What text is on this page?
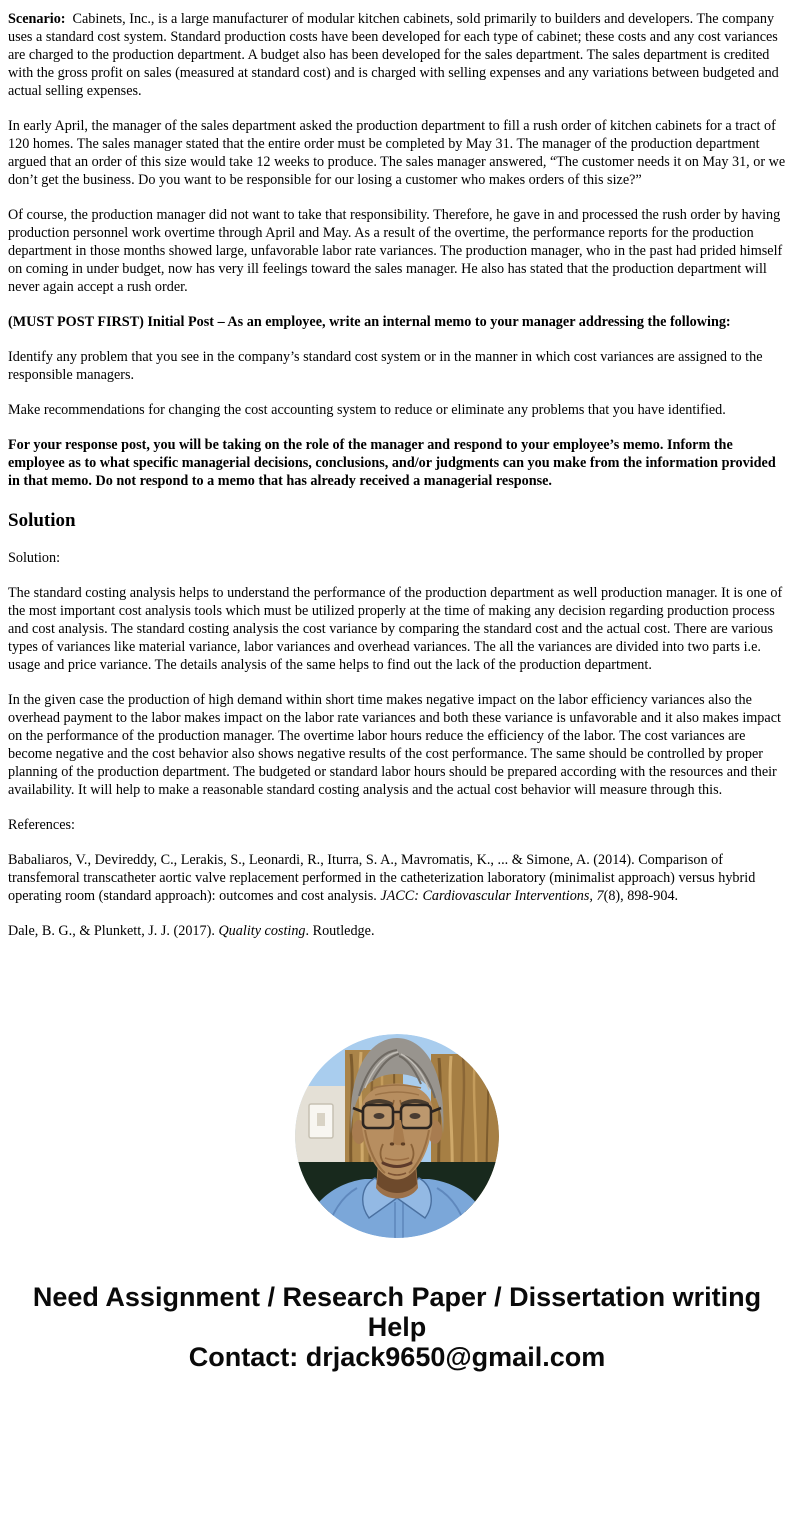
Scenario: Cabinets, Inc., is a large manufacturer of modular kitchen cabinets, sold primarily to builders and developers. The company uses a standard cost system. Standard production costs have been developed for each type of cabinet; these costs and any cost variances are charged to the production department. A budget also has been developed for the sales department. The sales department is credited with the gross profit on sales (measured at standard cost) and is charged with selling expenses and any variations between budgeted and actual selling expenses.

In early April, the manager of the sales department asked the production department to fill a rush order of kitchen cabinets for a tract of 120 homes. The sales manager stated that the entire order must be completed by May 31. The manager of the production department argued that an order of this size would take 12 weeks to produce. The sales manager answered, “The customer needs it on May 31, or we don’t get the business. Do you want to be responsible for our losing a customer who makes orders of this size?”

Of course, the production manager did not want to take that responsibility. Therefore, he gave in and processed the rush order by having production personnel work overtime through April and May. As a result of the overtime, the performance reports for the production department in those months showed large, unfavorable labor rate variances. The production manager, who in the past had prided himself on coming in under budget, now has very ill feelings toward the sales manager. He also has stated that the production department will never again accept a rush order.

(MUST POST FIRST) Initial Post – As an employee, write an internal memo to your manager addressing the following:

Identify any problem that you see in the company’s standard cost system or in the manner in which cost variances are assigned to the responsible managers.

Make recommendations for changing the cost accounting system to reduce or eliminate any problems that you have identified.

For your response post, you will be taking on the role of the manager and respond to your employee’s memo. Inform the employee as to what specific managerial decisions, conclusions, and/or judgments can you make from the information provided in that memo. Do not respond to a memo that has already received a managerial response.

Solution

Solution:

The standard costing analysis helps to understand the performance of the production department as well production manager. It is one of the most important cost analysis tools which must be utilized properly at the time of making any decision regarding production process and cost analysis. The standard costing analysis the cost variance by comparing the standard cost and the actual cost. There are various types of variances like material variance, labor variances and overhead variances. The all the variances are divided into two parts i.e. usage and price variance. The details analysis of the same helps to find out the lack of the production department.

In the given case the production of high demand within short time makes negative impact on the labor efficiency variances also the overhead payment to the labor makes impact on the labor rate variances and both these variance is unfavorable and it also makes impact on the performance of the production manager. The overtime labor hours reduce the efficiency of the labor. The cost variances are become negative and the cost behavior also shows negative results of the cost performance. The same should be controlled by proper planning of the production department. The budgeted or standard labor hours should be prepared according with the resources and their availability. It will help to make a reasonable standard costing analysis and the actual cost behavior will measure through this.

References:

Babaliaros, V., Devireddy, C., Lerakis, S., Leonardi, R., Iturra, S. A., Mavromatis, K., ... & Simone, A. (2014). Comparison of transfemoral transcatheter aortic valve replacement performed in the catheterization laboratory (minimalist approach) versus hybrid operating room (standard approach): outcomes and cost analysis. JACC: Cardiovascular Interventions, 7(8), 898-904.

Dale, B. G., & Plunkett, J. J. (2017). Quality costing. Routledge.

Need Assignment / Research Paper / Dissertation writing Help
Contact: drjack9650@gmail.com
